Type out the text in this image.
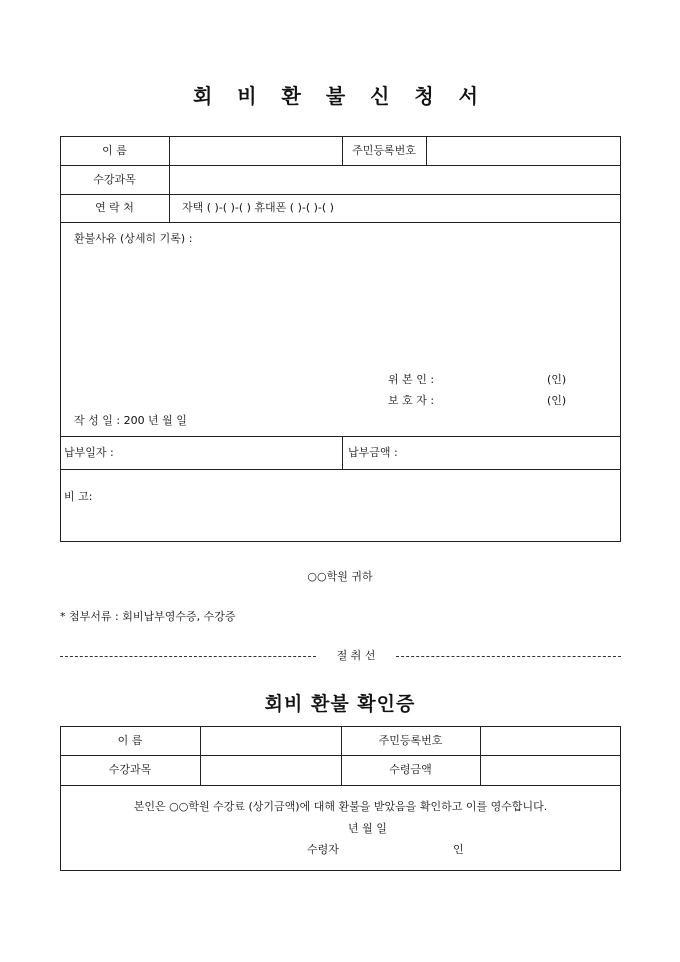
회 비 환 불 신 청 서
이 름	주민등록번호
수강과목
연 락 처	자택 ( )-( )-( ) 휴대폰 ( )-( )-( )
환불사유 (상세히 기록) :
위 본 인 :	(인)
보 호 자 :	(인)
작 성 일 : 200 년 월 일
납부일자 :	납부금액 :
비 고:
○○학원 귀하
* 첨부서류 : 회비납부영수증, 수강증
절 취 선
회비 환불 확인증
이 름	주민등록번호
수강과목	수령금액
본인은 ○○학원 수강료 (상기금액)에 대해 환불을 받았음을 확인하고 이를 영수합니다.
년 월 일
수령자	인
